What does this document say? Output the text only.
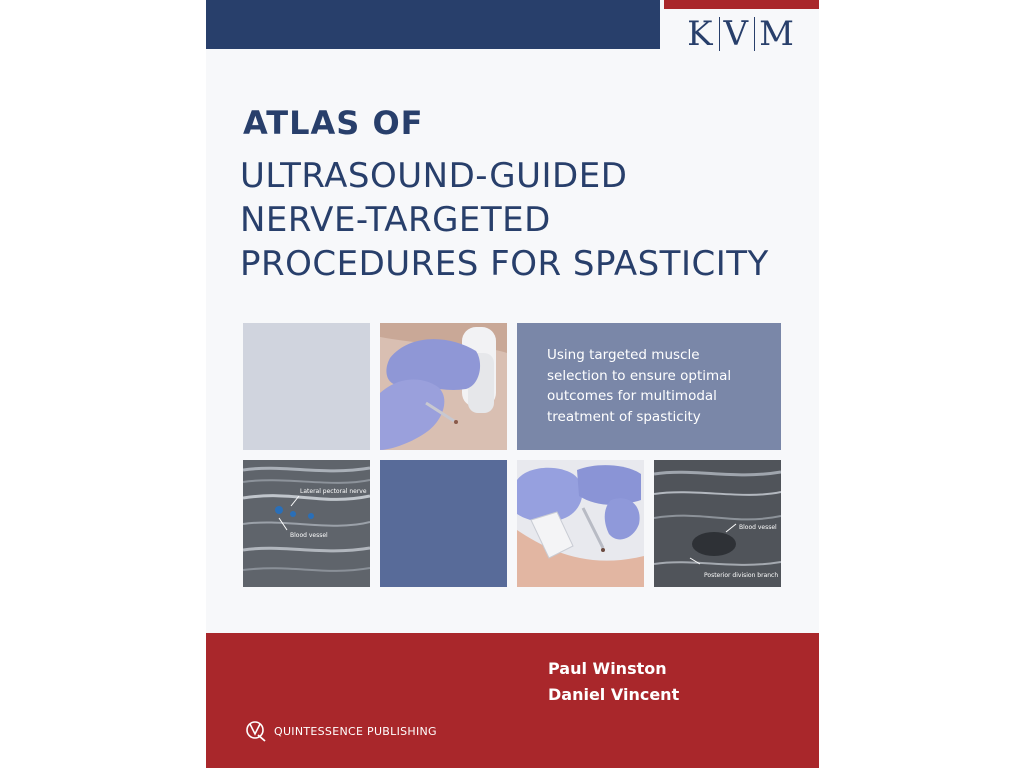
K V M
ATLAS OF
ULTRASOUND-GUIDED
NERVE-TARGETED
PROCEDURES FOR SPASTICITY
Using targeted muscle
selection to ensure optimal
outcomes for multimodal
treatment of spasticity
Lateral pectoral nerve
Blood vessel
Blood vessel
Posterior division branch
Paul Winston
Daniel Vincent
QUINTESSENCE PUBLISHING
